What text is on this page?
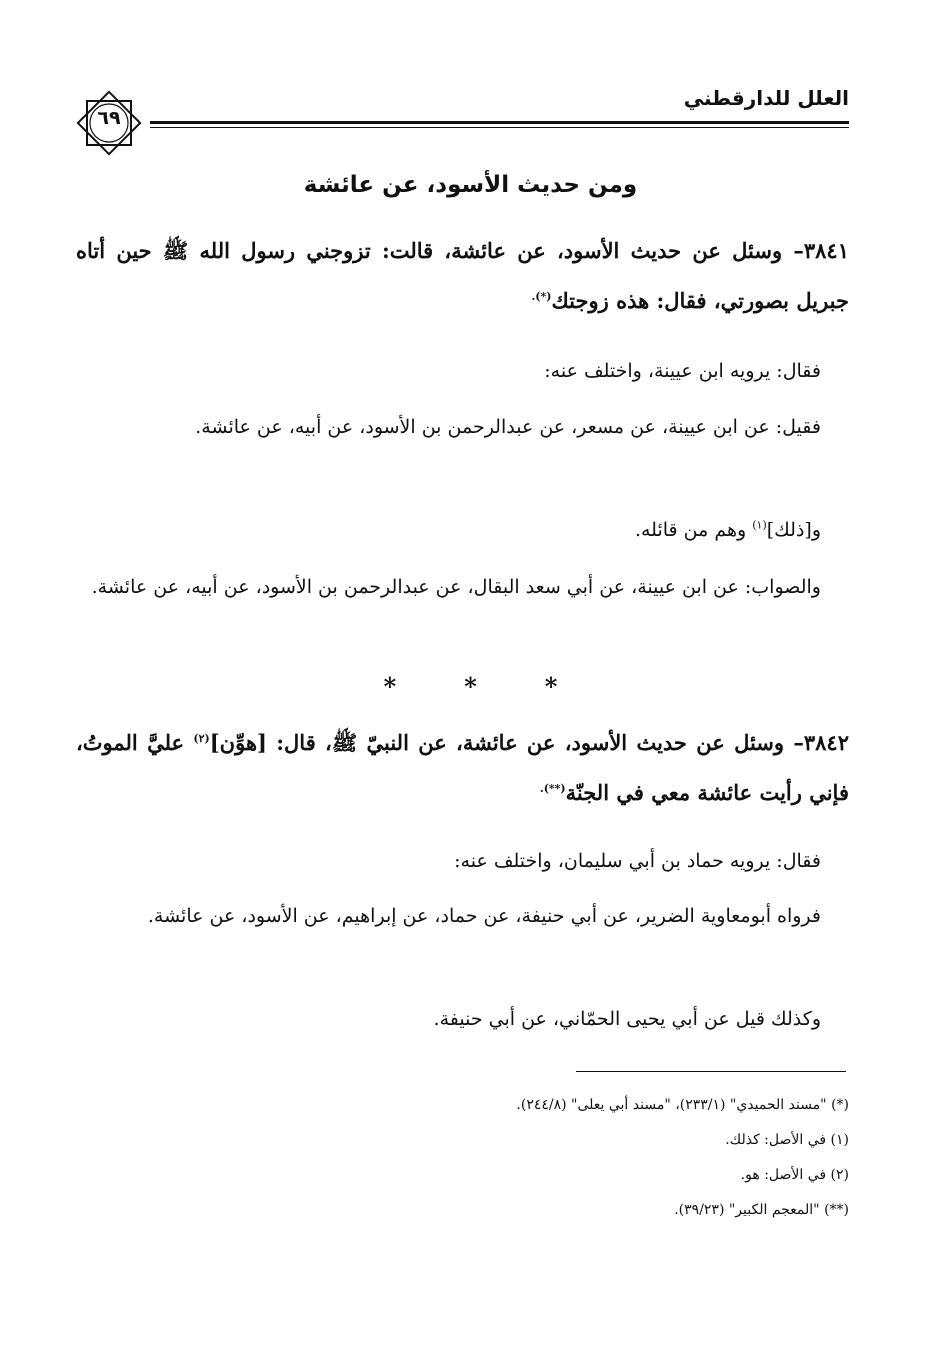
العلل للدارقطني
٦٩
ومن حديث الأسود، عن عائشة
٣٨٤١– وسئل عن حديث الأسود، عن عائشة، قالت: تزوجني رسول الله ﷺ حين أتاه جبريل بصورتي، فقال: هذه زوجتك(*).
فقال: يرويه ابن عيينة، واختلف عنه:
فقيل: عن ابن عيينة، عن مسعر، عن عبدالرحمن بن الأسود، عن أبيه، عن عائشة.
و[ذلك]$^{(١)}$ وهم من قائله.
والصواب: عن ابن عيينة، عن أبي سعد البقال، عن عبدالرحمن بن الأسود، عن أبيه، عن عائشة.
*	*	*
٣٨٤٢– وسئل عن حديث الأسود، عن عائشة، عن النبيّ ﷺ، قال: [هوِّن]$^{(٢)}$ عليَّ الموتُ، فإني رأيت عائشة معي في الجنّة(**).
فقال: يرويه حماد بن أبي سليمان، واختلف عنه:
فرواه أبومعاوية الضرير، عن أبي حنيفة، عن حماد، عن إبراهيم، عن الأسود، عن عائشة.
وكذلك قيل عن أبي يحيى الحمّاني، عن أبي حنيفة.
(*) "مسند الحميدي" (٢٣٣/١)، "مسند أبي يعلى" (٢٤٤/٨).
(١) في الأصل: كذلك.
(٢) في الأصل: هو.
(**) "المعجم الكبير" (٣٩/٢٣).
